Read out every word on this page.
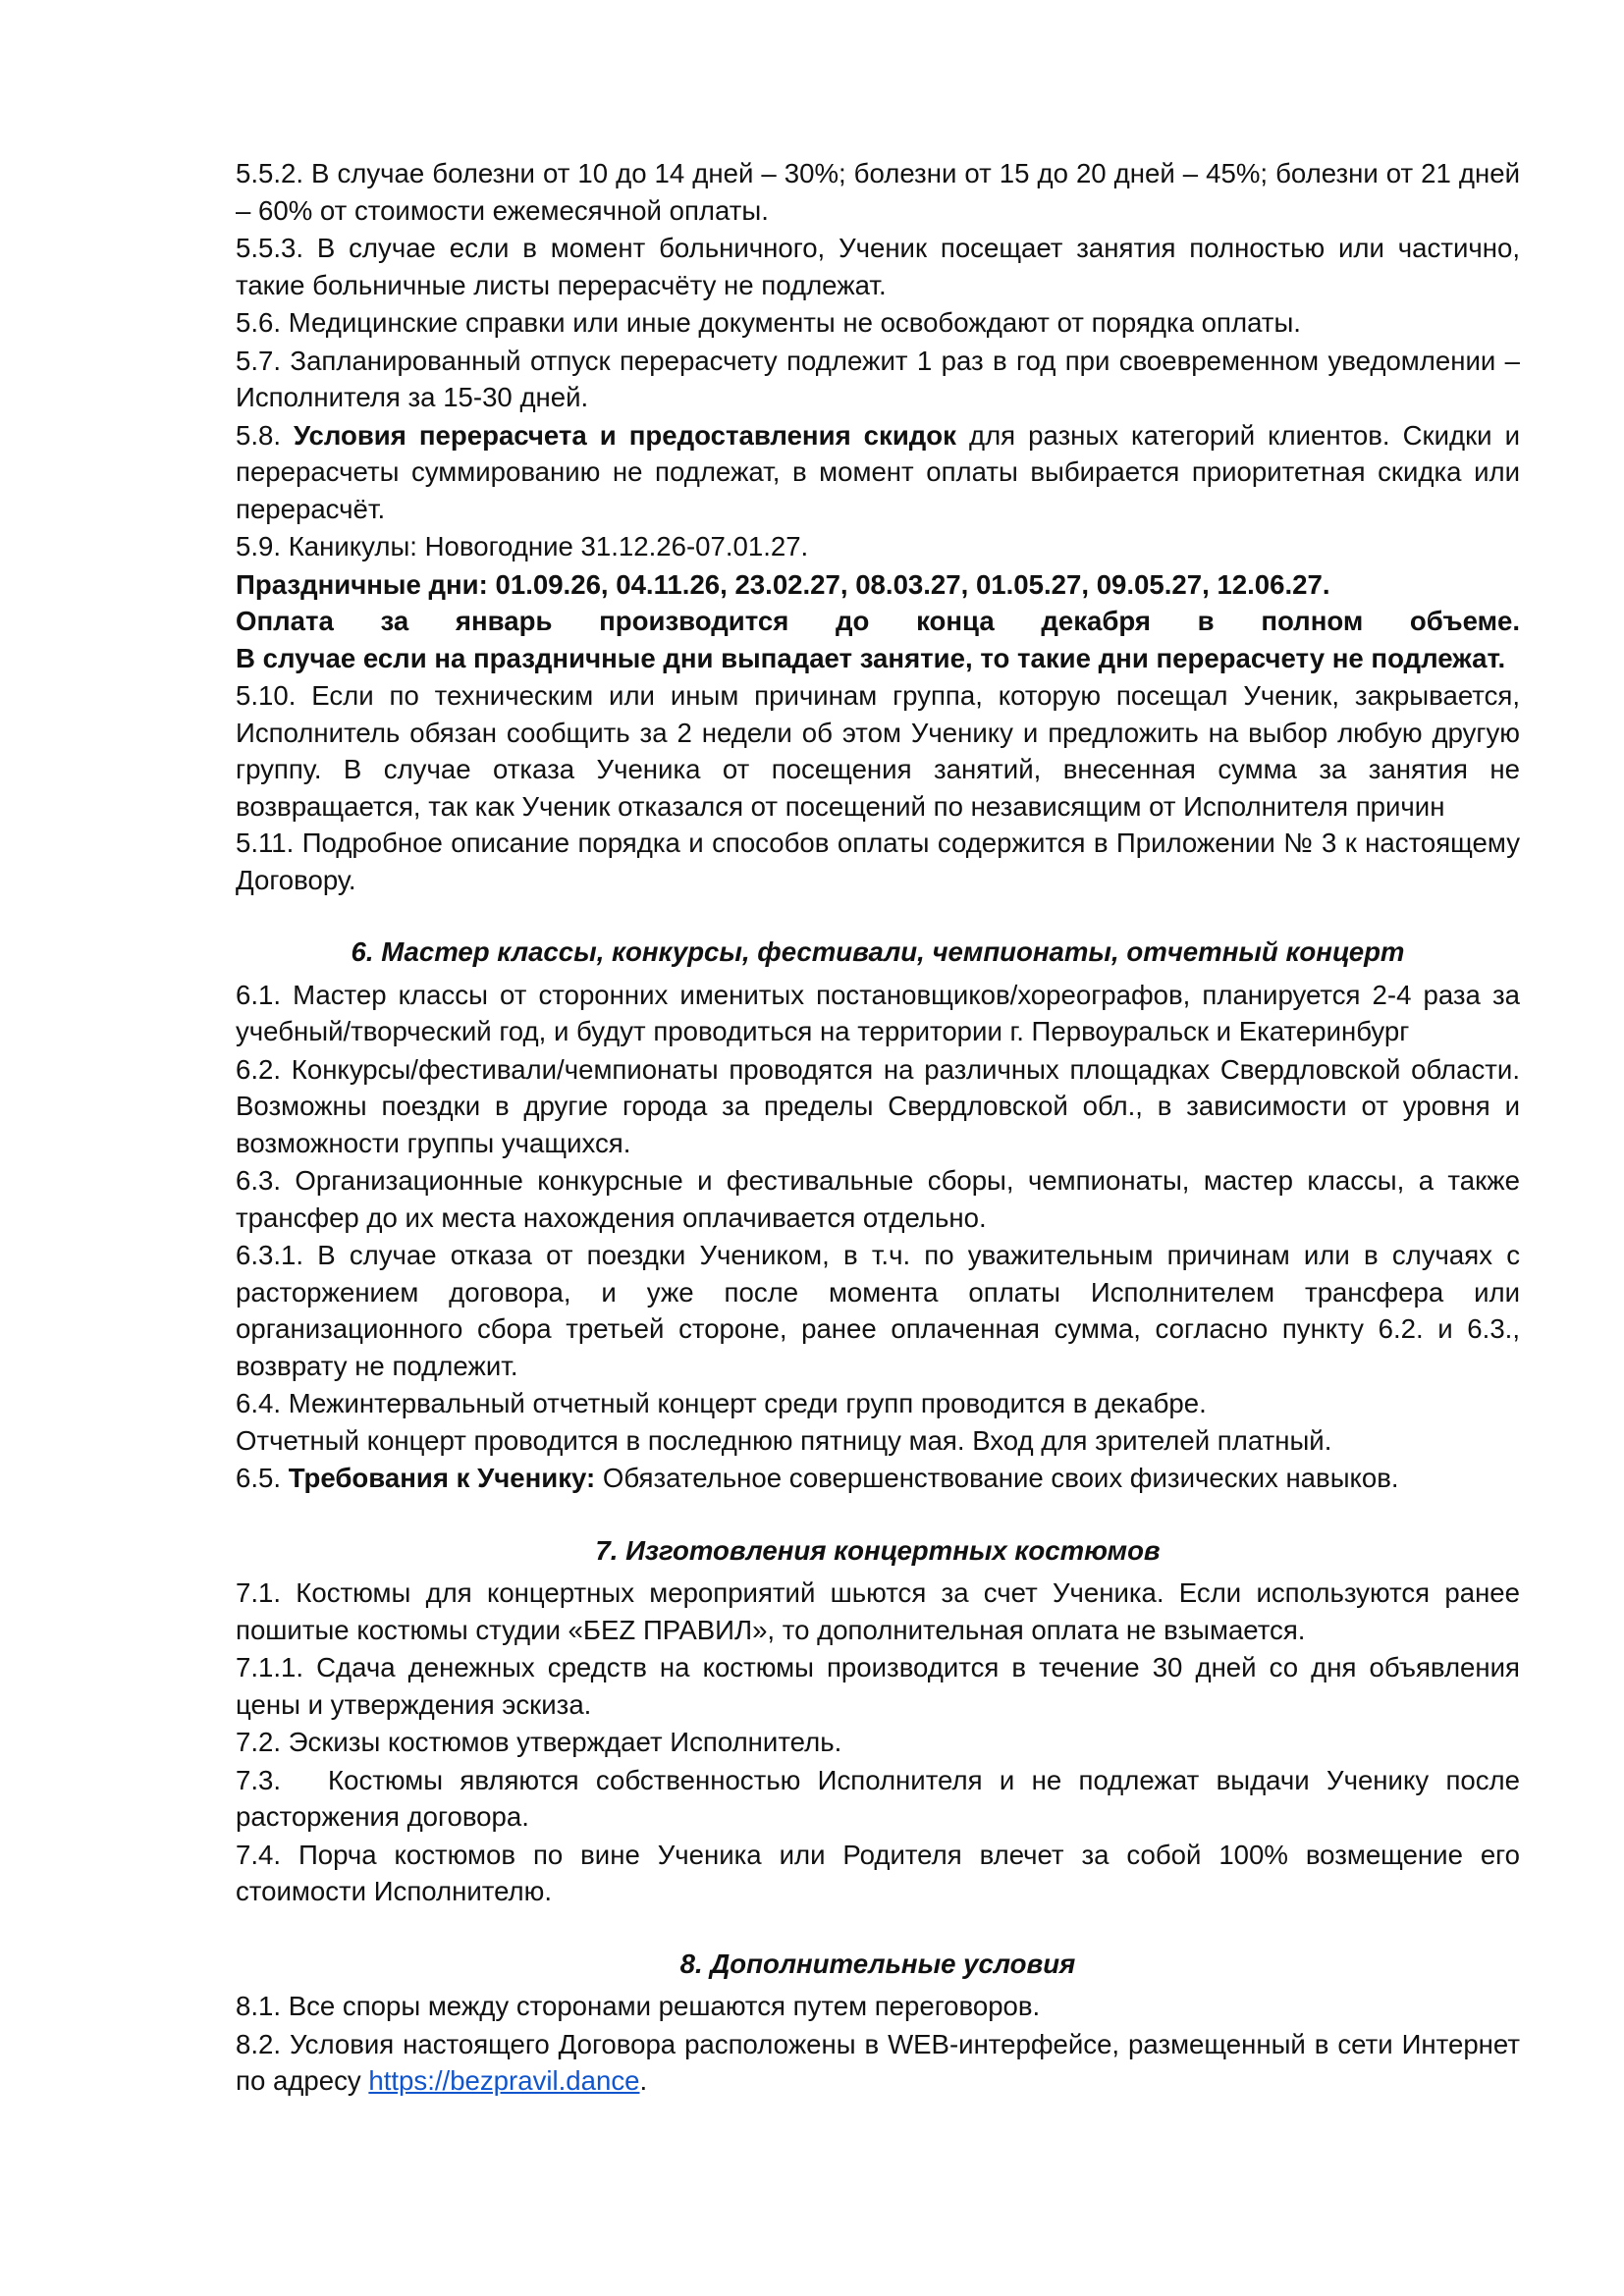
5.5.2. В случае болезни от 10 до 14 дней – 30%; болезни от 15 до 20 дней – 45%; болезни от 21 дней – 60% от стоимости ежемесячной оплаты.

5.5.3. В случае если в момент больничного, Ученик посещает занятия полностью или частично, такие больничные листы перерасчёту не подлежат.

5.6. Медицинские справки или иные документы не освобождают от порядка оплаты.

5.7. Запланированный отпуск перерасчету подлежит 1 раз в год при своевременном уведомлении – Исполнителя за 15-30 дней.

5.8. Условия перерасчета и предоставления скидок для разных категорий клиентов. Скидки и перерасчеты суммированию не подлежат, в момент оплаты выбирается приоритетная скидка или перерасчёт.

5.9. Каникулы: Новогодние 31.12.26-07.01.27.

Праздничные дни: 01.09.26, 04.11.26, 23.02.27, 08.03.27, 01.05.27, 09.05.27, 12.06.27.

Оплата за январь производится до конца декабря в полном объеме.

В случае если на праздничные дни выпадает занятие, то такие дни перерасчету не подлежат.

5.10. Если по техническим или иным причинам группа, которую посещал Ученик, закрывается, Исполнитель обязан сообщить за 2 недели об этом Ученику и предложить на выбор любую другую группу. В случае отказа Ученика от посещения занятий, внесенная сумма за занятия не возвращается, так как Ученик отказался от посещений по независящим от Исполнителя причин

5.11. Подробное описание порядка и способов оплаты содержится в Приложении № 3 к настоящему Договору.

6. Мастер классы, конкурсы, фестивали, чемпионаты, отчетный концерт

6.1. Мастер классы от сторонних именитых постановщиков/хореографов, планируется 2-4 раза за учебный/творческий год, и будут проводиться на территории г. Первоуральск и Екатеринбург

6.2. Конкурсы/фестивали/чемпионаты проводятся на различных площадках Свердловской области. Возможны поездки в другие города за пределы Свердловской обл., в зависимости от уровня и возможности группы учащихся.

6.3. Организационные конкурсные и фестивальные сборы, чемпионаты, мастер классы, а также трансфер до их места нахождения оплачивается отдельно.

6.3.1. В случае отказа от поездки Учеником, в т.ч. по уважительным причинам или в случаях с расторжением договора, и уже после момента оплаты Исполнителем трансфера или организационного сбора третьей стороне, ранее оплаченная сумма, согласно пункту 6.2. и 6.3., возврату не подлежит.

6.4. Межинтервальный отчетный концерт среди групп проводится в декабре.

Отчетный концерт проводится в последнюю пятницу мая. Вход для зрителей платный.

6.5. Требования к Ученику: Обязательное совершенствование своих физических навыков.

7. Изготовления концертных костюмов

7.1. Костюмы для концертных мероприятий шьются за счет Ученика. Если используются ранее пошитые костюмы студии «БЕZ ПРАВИЛ», то дополнительная оплата не взымается.

7.1.1. Сдача денежных средств на костюмы производится в течение 30 дней со дня объявления цены и утверждения эскиза.

7.2. Эскизы костюмов утверждает Исполнитель.

7.3. Костюмы являются собственностью Исполнителя и не подлежат выдачи Ученику после расторжения договора.

7.4. Порча костюмов по вине Ученика или Родителя влечет за собой 100% возмещение его стоимости Исполнителю.

8. Дополнительные условия

8.1. Все споры между сторонами решаются путем переговоров.

8.2. Условия настоящего Договора расположены в WEB-интерфейсе, размещенный в сети Интернет по адресу https://bezpravil.dance.
